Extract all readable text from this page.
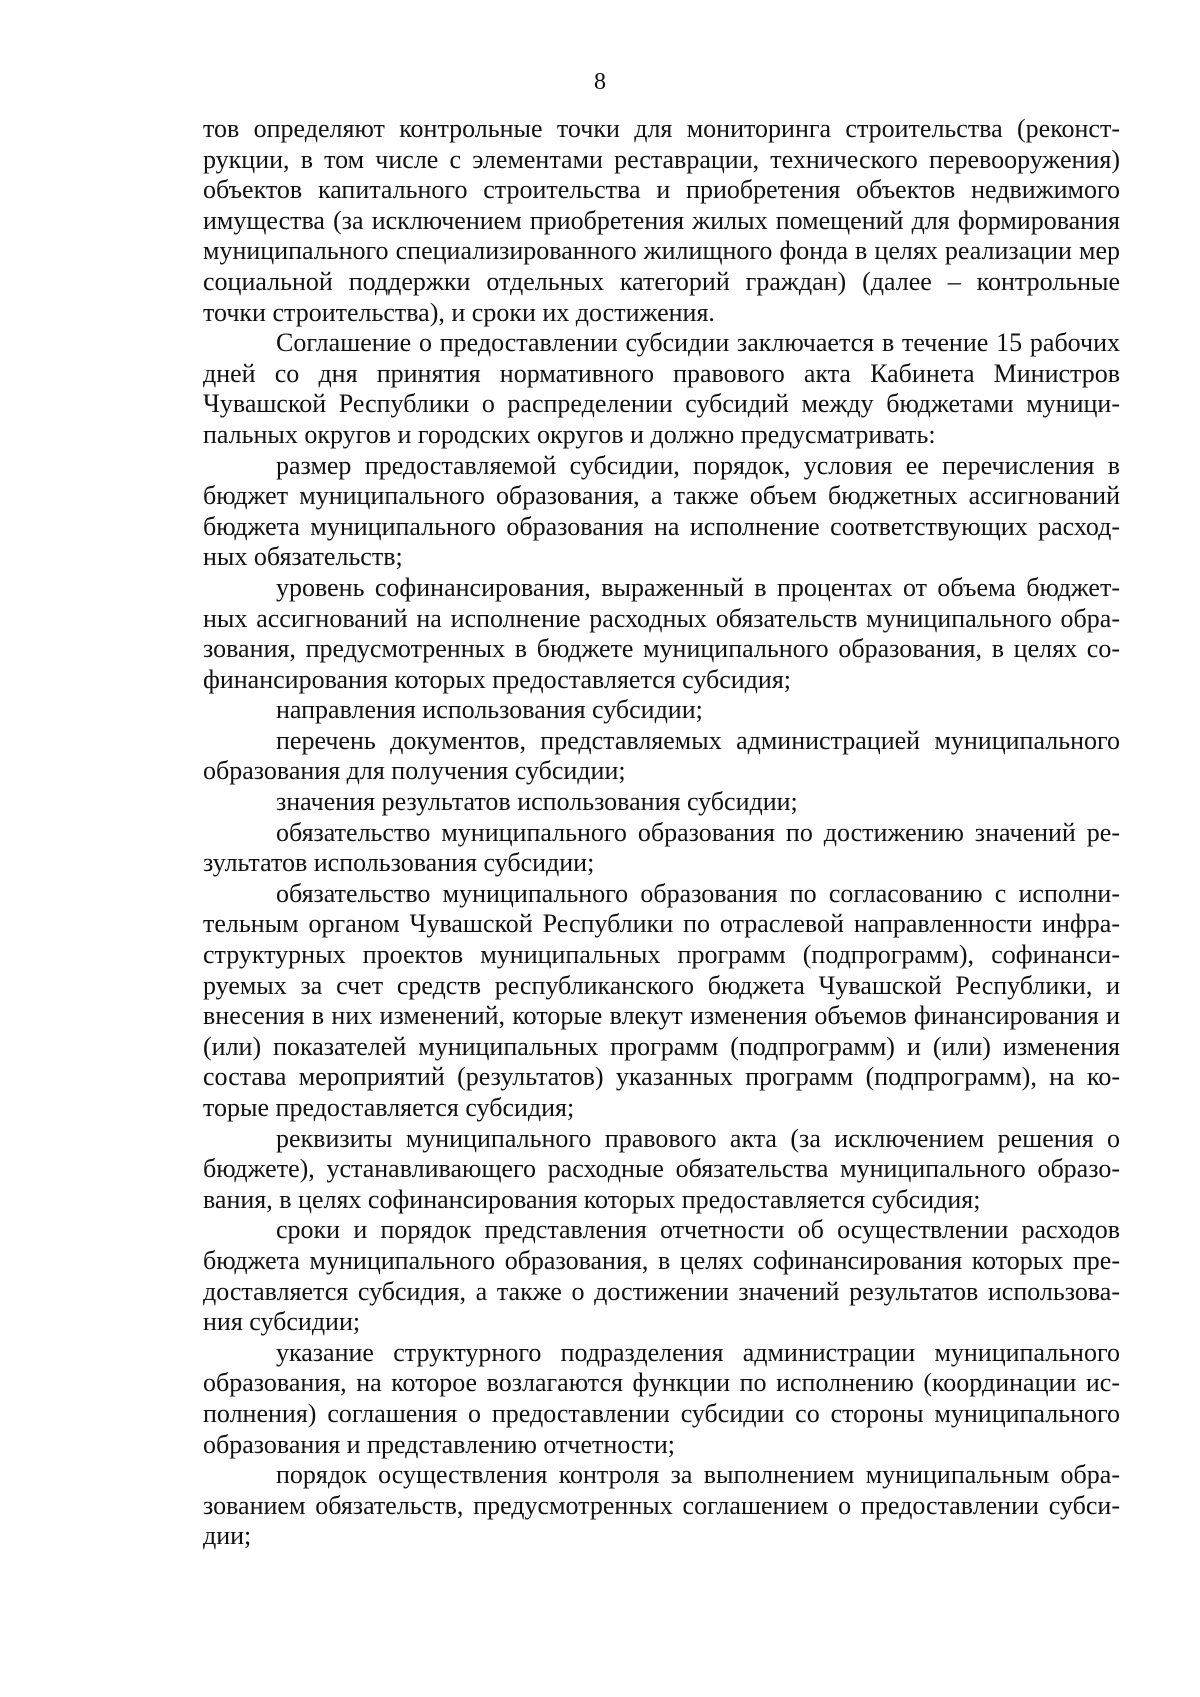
8

тов определяют контрольные точки для мониторинга строительства (реконструкции, в том числе с элементами реставрации, технического перевооружения) объектов капитального строительства и приобретения объектов недвижимого имущества (за исключением приобретения жилых помещений для формирования муниципального специализированного жилищного фонда в целях реализации мер социальной поддержки отдельных категорий граждан) (далее – контрольные точки строительства), и сроки их достижения.

Соглашение о предоставлении субсидии заключается в течение 15 рабочих дней со дня принятия нормативного правового акта Кабинета Министров Чувашской Республики о распределении субсидий между бюджетами муниципальных округов и городских округов и должно предусматривать:

размер предоставляемой субсидии, порядок, условия ее перечисления в бюджет муниципального образования, а также объем бюджетных ассигнований бюджета муниципального образования на исполнение соответствующих расходных обязательств;

уровень софинансирования, выраженный в процентах от объема бюджетных ассигнований на исполнение расходных обязательств муниципального образования, предусмотренных в бюджете муниципального образования, в целях софинансирования которых предоставляется субсидия;

направления использования субсидии;

перечень документов, представляемых администрацией муниципального образования для получения субсидии;

значения результатов использования субсидии;

обязательство муниципального образования по достижению значений результатов использования субсидии;

обязательство муниципального образования по согласованию с исполнительным органом Чувашской Республики по отраслевой направленности инфраструктурных проектов муниципальных программ (подпрограмм), софинансируемых за счет средств республиканского бюджета Чувашской Республики, и внесения в них изменений, которые влекут изменения объемов финансирования и (или) показателей муниципальных программ (подпрограмм) и (или) изменения состава мероприятий (результатов) указанных программ (подпрограмм), на которые предоставляется субсидия;

реквизиты муниципального правового акта (за исключением решения о бюджете), устанавливающего расходные обязательства муниципального образования, в целях софинансирования которых предоставляется субсидия;

сроки и порядок представления отчетности об осуществлении расходов бюджета муниципального образования, в целях софинансирования которых предоставляется субсидия, а также о достижении значений результатов использования субсидии;

указание структурного подразделения администрации муниципального образования, на которое возлагаются функции по исполнению (координации исполнения) соглашения о предоставлении субсидии со стороны муниципального образования и представлению отчетности;

порядок осуществления контроля за выполнением муниципальным образованием обязательств, предусмотренных соглашением о предоставлении субсидии;
